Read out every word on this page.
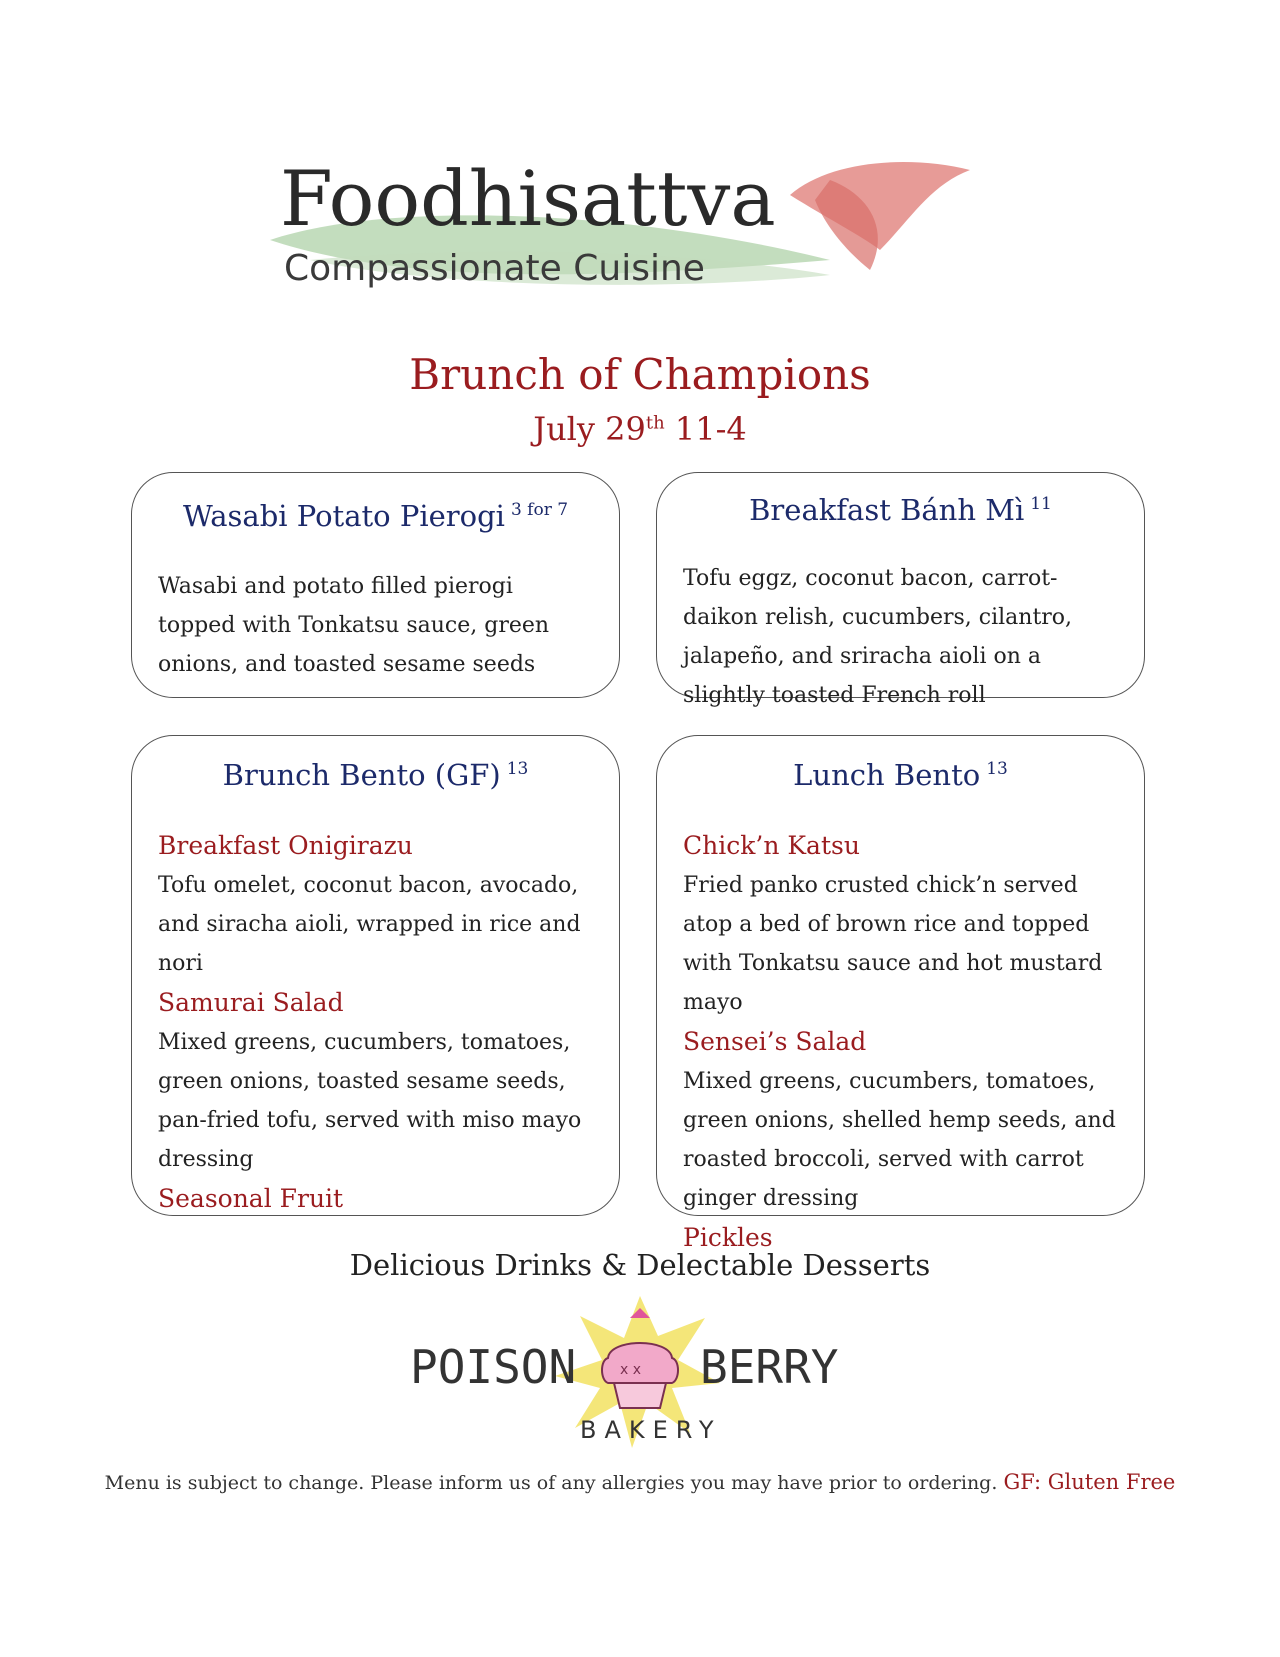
Foodhisattva
Compassionate Cuisine
Brunch of Champions
July 29th 11-4
Wasabi Potato Pierogi $^{3 for 7}$
Wasabi and potato filled pierogi topped with Tonkatsu sauce, green onions, and toasted sesame seeds
Breakfast Bánh Mì $^{11}$
Tofu eggz, coconut bacon, carrot-daikon relish, cucumbers, cilantro, jalapeño, and sriracha aioli on a slightly toasted French roll
Brunch Bento (GF) $^{13}$

Breakfast Onigirazu

Tofu omelet, coconut bacon, avocado, and siracha aioli, wrapped in rice and nori

Samurai Salad

Mixed greens, cucumbers, tomatoes, green onions, toasted sesame seeds, pan-fried tofu, served with miso mayo dressing

Seasonal Fruit

Lunch Bento $^{13}$

Chick’n Katsu

Fried panko crusted chick’n served atop a bed of brown rice and topped with Tonkatsu sauce and hot mustard mayo

Sensei’s Salad

Mixed greens, cucumbers, tomatoes, green onions, shelled hemp seeds, and roasted broccoli, served with carrot ginger dressing

Pickles

Delicious Drinks & Delectable Desserts
x x
POISON	BERRY
BAKERY
Menu is subject to change. Please inform us of any allergies you may have prior to ordering. GF: Gluten Free
